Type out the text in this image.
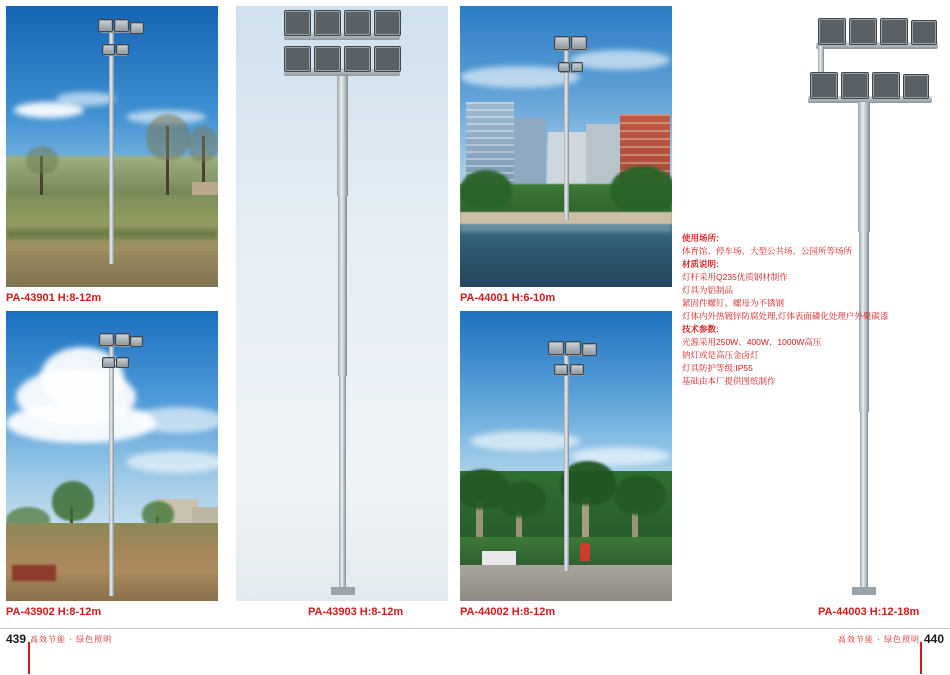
PA-43901 H:8-12m
PA-43902 H:8-12m	PA-43903 H:8-12m
PA-44001 H:6-10m
PA-44002 H:8-12m	PA-44003 H:12-18m
使用场所:
体育馆、停车场、大型公共场、公园所等场所
材质说明:
灯杆采用Q235优质钢材制作
灯具为铝制品
紧固件螺钉、螺母为不锈钢
灯体内外热镀锌防腐处理,灯体表面磷化处理户外聚碳漆
技术参数:
光源采用250W、400W、1000W高压
钠灯或是高压金卤灯
灯具防护等级:IP55
基础由本厂提供图纸制作
439 高效节能 · 绿色照明	高效节能 · 绿色照明 440
